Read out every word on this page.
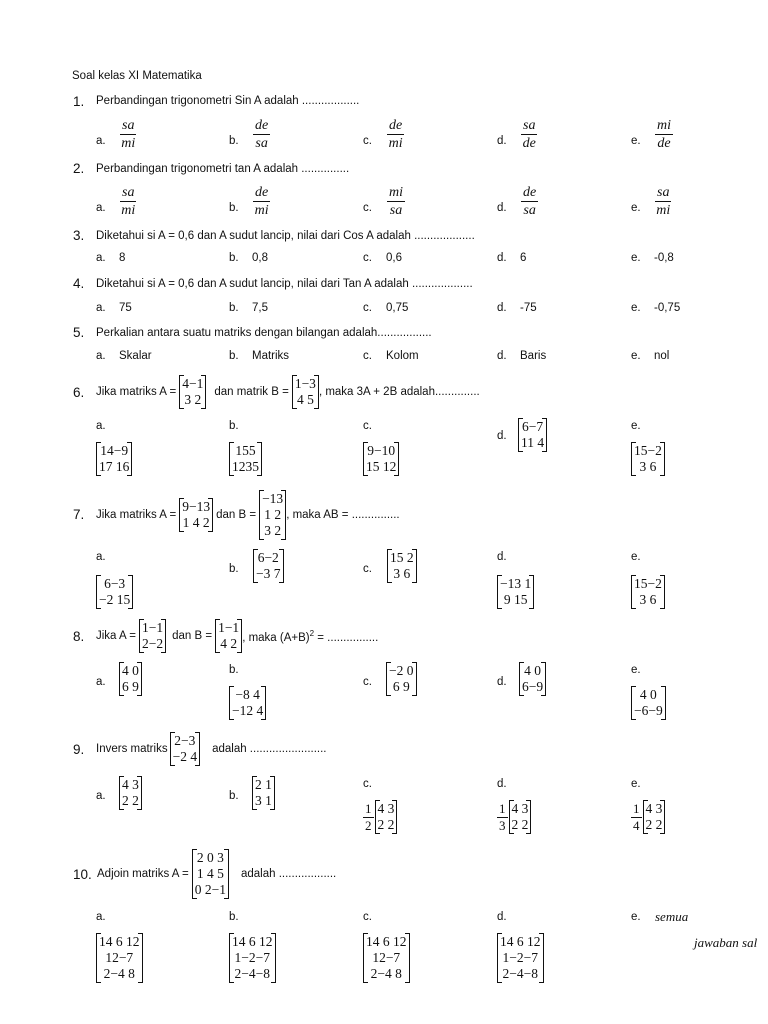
Soal kelas XI Matematika
1. Perbandingan trigonometri Sin A adalah ..................
a. $\frac{sa}{mi}$	b. $\frac{de}{sa}$	c. $\frac{de}{mi}$	d. $\frac{sa}{de}$	e. $\frac{mi}{de}$
2. Perbandingan trigonometri tan A adalah ...............
a. $\frac{sa}{mi}$	b. $\frac{de}{mi}$	c. $\frac{mi}{sa}$	d. $\frac{de}{sa}$	e. $\frac{sa}{mi}$
3. Diketahui si A = 0,6 dan A sudut lancip, nilai dari Cos A adalah ...................
a. 8	b. 0,8	c. 0,6	d. 6	e. -0,8
4. Diketahui si A = 0,6 dan A sudut lancip, nilai dari Tan A adalah ...................
a. 75	b. 7,5	c. 0,75	d. -75	e. -0,75
5. Perkalian antara suatu matriks dengan bilangan adalah.................
a. Skalar	b. Matriks	c. Kolom	d. Baris	e. nol
6. Jika matriks A =
4−1
3 2 dan matrik B =
1−3
4 5 , maka 3A + 2B adalah..............
a.
14−9
17 16
b.
155
1235
c.
9−10
15 12
d.
6−7
11 4
e.
15−2
3 6
7. Jika matriks A =
9−13
1 4 2 dan B =
−13
1 2
3 2
, maka AB = ...............
a.
6−3
−2 15
b.
6−2
−3 7	c.
15 2
3 6
d.
−13 1
9 15
e.
15−2
3 6
8. Jika A =
1−1
2−2 dan B =
1−1
4 2 , maka $(A+B)^2$ = ................
a.
4 0
6 9
b.
−8 4
−12 4
c.
−2 0
6 9	d.
4 0
6−9
e.
4 0
−6−9
9. Invers matriks
2−3
−2 4 adalah ........................
a.
4 3
2 2	b.
2 1
3 1
c.
$\frac{1}{2} 4$ 3
2 2
d.
$\frac{1}{3} 4$ 3
2 2
e.
$\frac{1}{4} 4$ 3
2 2
10. Adjoin matriks A =
2 0 3
1 4 5
0 2−1
adalah ..................
a.
14 6 12
12−7
2−4 8
b.
14 6 12
1−2−7
2−4−8
c.
14 6 12
12−7
2−4 8
d.
14 6 12
1−2−7
2−4−8
e. semua
jawaban sal
